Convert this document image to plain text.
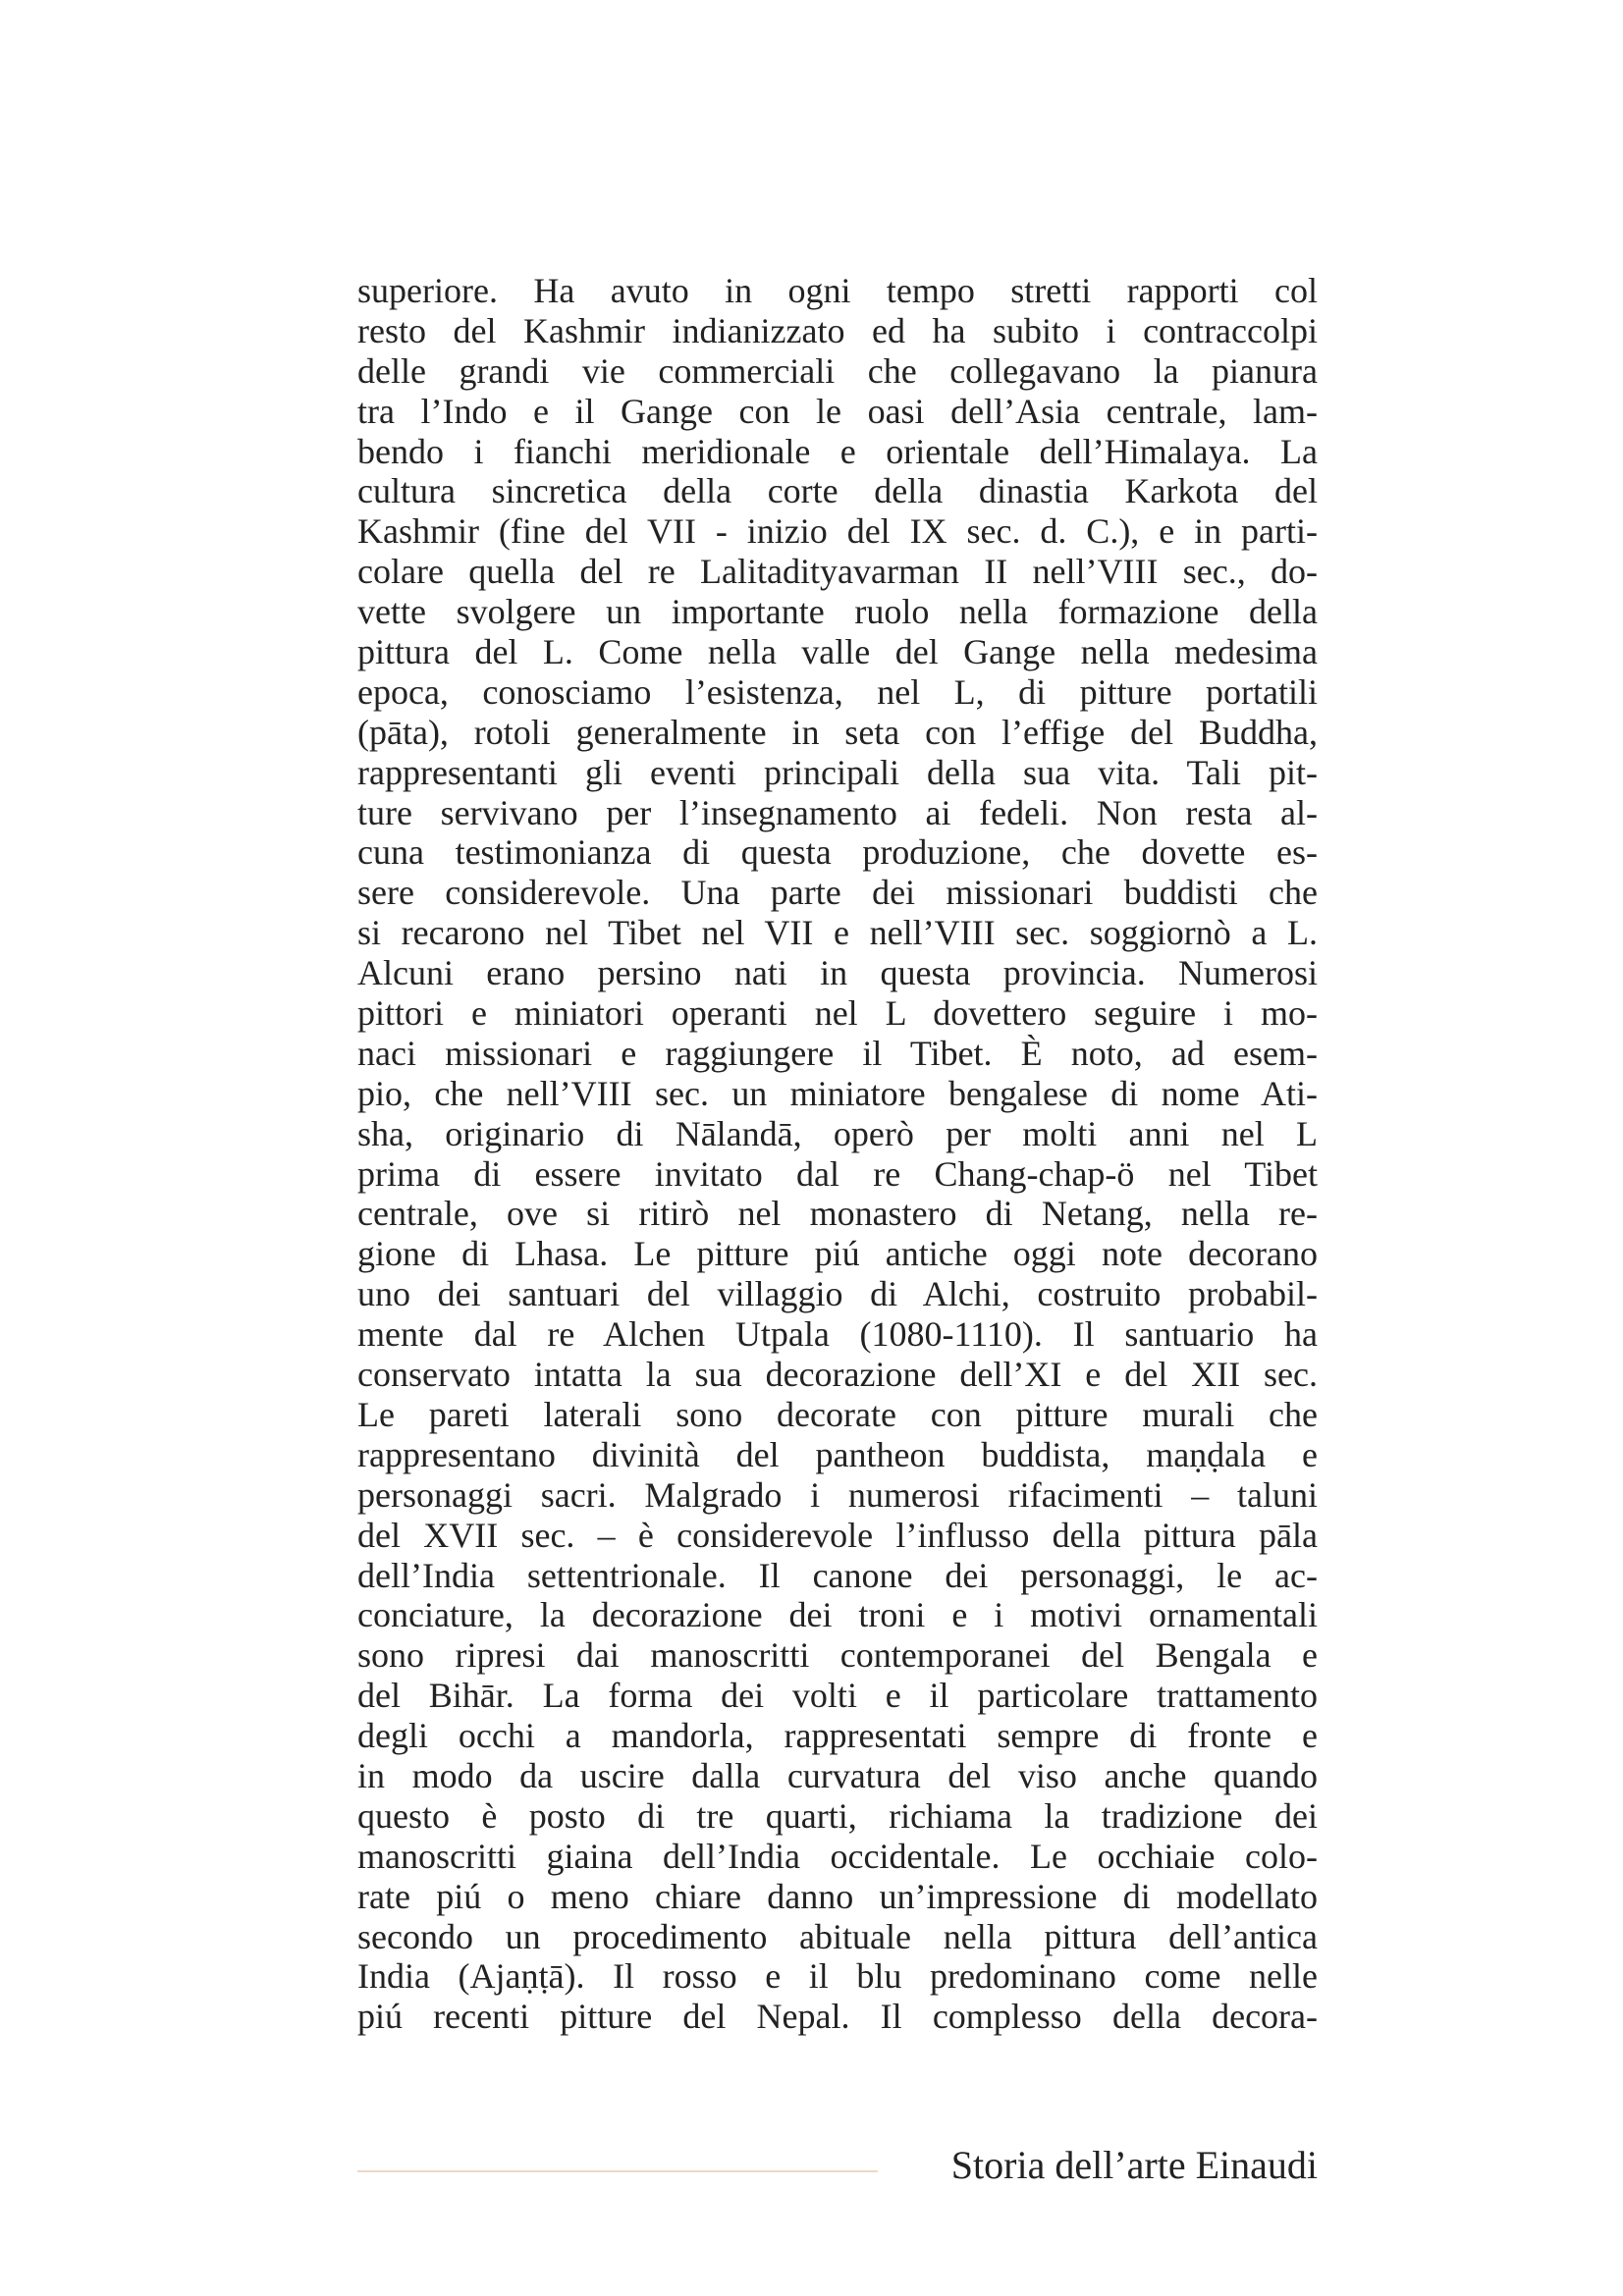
superiore. Ha avuto in ogni tempo stretti rapporti col
resto del Kashmir indianizzato ed ha subito i contraccolpi
delle grandi vie commerciali che collegavano la pianura
tra l’Indo e il Gange con le oasi dell’Asia centrale, lam-
bendo i fianchi meridionale e orientale dell’Himalaya. La
cultura sincretica della corte della dinastia Karkota del
Kashmir (fine del VII - inizio del IX sec. d. C.), e in parti-
colare quella del re Lalitadityavarman II nell’VIII sec., do-
vette svolgere un importante ruolo nella formazione della
pittura del L. Come nella valle del Gange nella medesima
epoca, conosciamo l’esistenza, nel L, di pitture portatili
(pāta), rotoli generalmente in seta con l’effige del Buddha,
rappresentanti gli eventi principali della sua vita. Tali pit-
ture servivano per l’insegnamento ai fedeli. Non resta al-
cuna testimonianza di questa produzione, che dovette es-
sere considerevole. Una parte dei missionari buddisti che
si recarono nel Tibet nel VII e nell’VIII sec. soggiornò a L.
Alcuni erano persino nati in questa provincia. Numerosi
pittori e miniatori operanti nel L dovettero seguire i mo-
naci missionari e raggiungere il Tibet. È noto, ad esem-
pio, che nell’VIII sec. un miniatore bengalese di nome Ati-
sha, originario di Nālandā, operò per molti anni nel L
prima di essere invitato dal re Chang-chap-ö nel Tibet
centrale, ove si ritirò nel monastero di Netang, nella re-
gione di Lhasa. Le pitture piú antiche oggi note decorano
uno dei santuari del villaggio di Alchi, costruito probabil-
mente dal re Alchen Utpala (1080-1110). Il santuario ha
conservato intatta la sua decorazione dell’XI e del XII sec.
Le pareti laterali sono decorate con pitture murali che
rappresentano divinità del pantheon buddista, maṇḍala e
personaggi sacri. Malgrado i numerosi rifacimenti – taluni
del XVII sec. – è considerevole l’influsso della pittura pāla
dell’India settentrionale. Il canone dei personaggi, le ac-
conciature, la decorazione dei troni e i motivi ornamentali
sono ripresi dai manoscritti contemporanei del Bengala e
del Bihār. La forma dei volti e il particolare trattamento
degli occhi a mandorla, rappresentati sempre di fronte e
in modo da uscire dalla curvatura del viso anche quando
questo è posto di tre quarti, richiama la tradizione dei
manoscritti giaina dell’India occidentale. Le occhiaie colo-
rate piú o meno chiare danno un’impressione di modellato
secondo un procedimento abituale nella pittura dell’antica
India (Ajaṇṭā). Il rosso e il blu predominano come nelle
piú recenti pitture del Nepal. Il complesso della decora-
Storia dell’arte Einaudi
